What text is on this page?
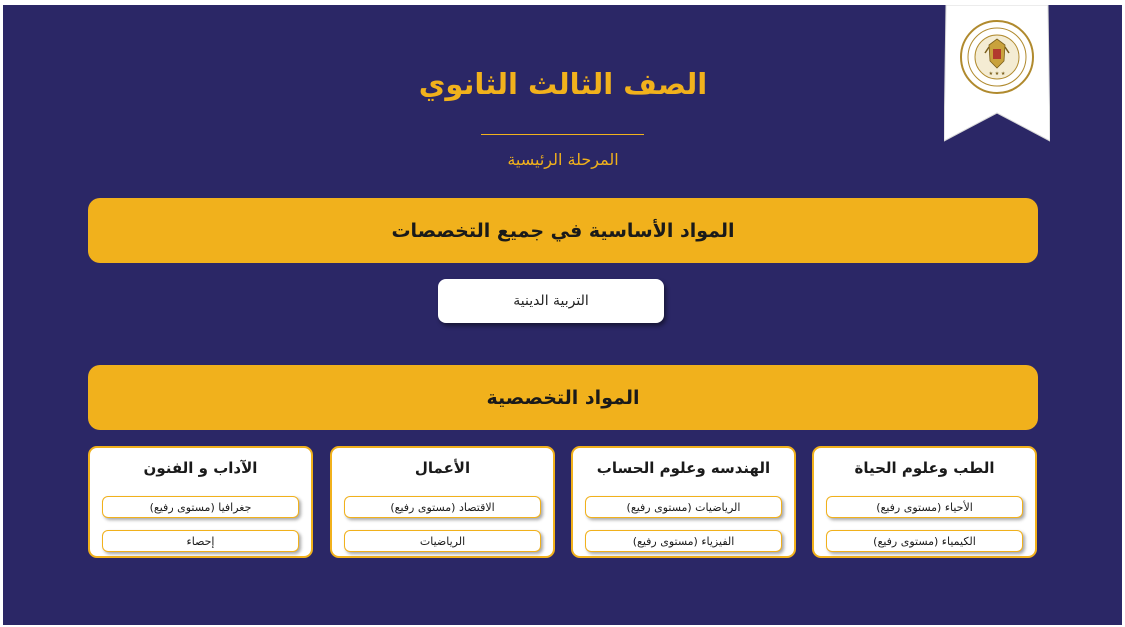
★ ★ ★
الصف الثالث الثانوي
المرحلة الرئيسية
المواد الأساسية في جميع التخصصات
التربية الدينية
المواد التخصصية
الطب وعلوم الحياة
الأحياء (مستوى رفيع)
الكيمياء (مستوى رفيع)
الهندسه وعلوم الحساب
الرياضيات (مستوى رفيع)
الفيزياء (مستوى رفيع)
الأعمال
الاقتصاد (مستوى رفيع)
الرياضيات
الآداب و الفنون
جغرافيا (مستوى رفيع)
إحصاء
